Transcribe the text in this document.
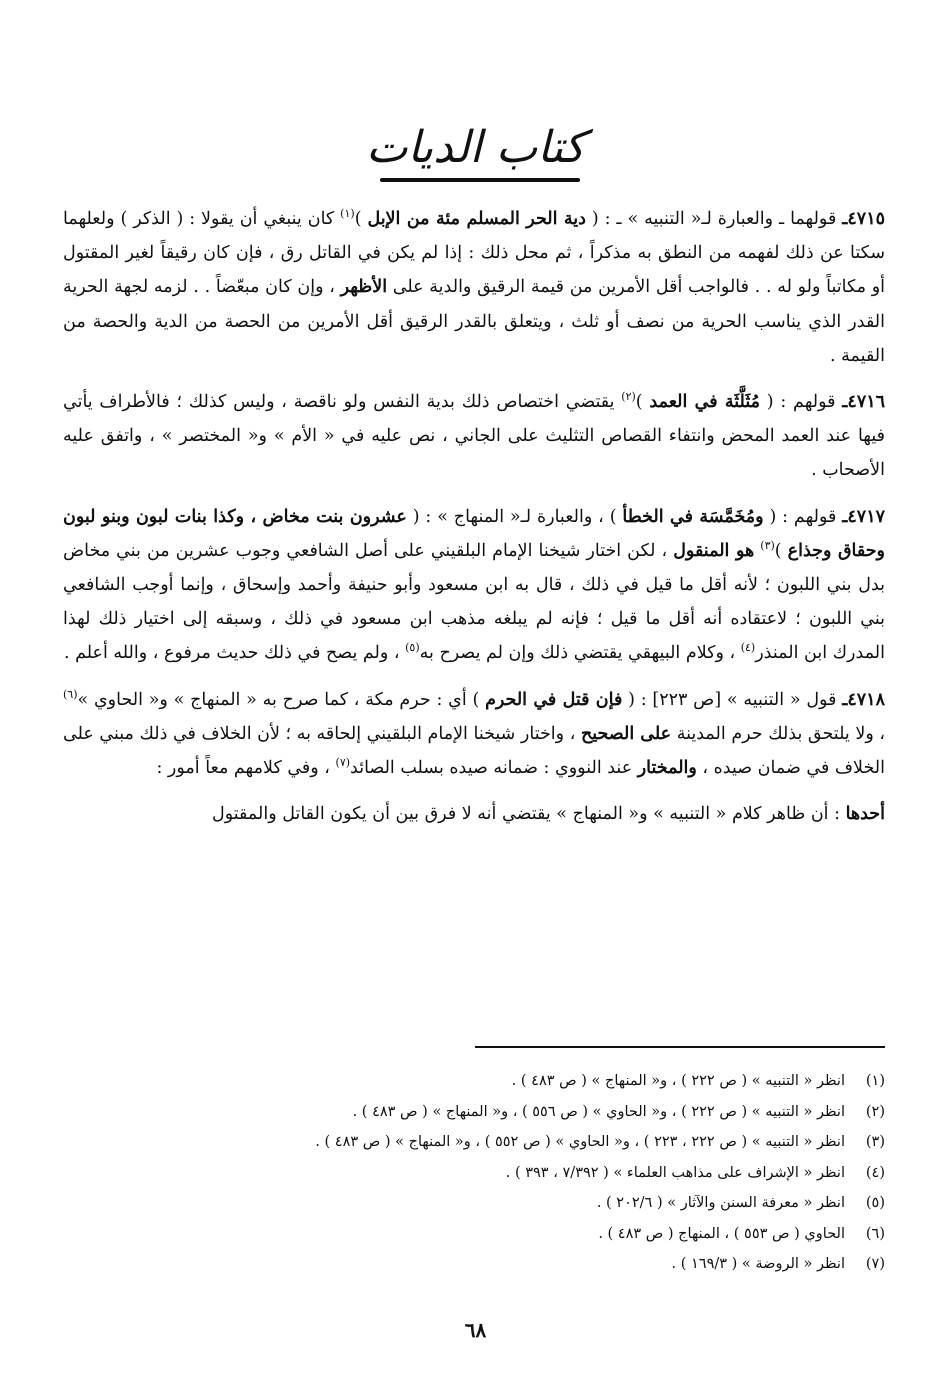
كتاب الديات

٤٧١٥ـ قولهما ـ والعبارة لـ« التنبيه » ـ : ( دية الحر المسلم مئة من الإبل )$^{(١)}$ كان ينبغي أن يقولا : ( الذكر ) ولعلهما سكتا عن ذلك لفهمه من النطق به مذكراً ، ثم محل ذلك : إذا لم يكن في القاتل رق ، فإن كان رقيقاً لغير المقتول أو مكاتباً ولو له . . فالواجب أقل الأمرين من قيمة الرقيق والدية على الأظهر ، وإن كان مبعّضاً . . لزمه لجهة الحرية القدر الذي يناسب الحرية من نصف أو ثلث ، ويتعلق بالقدر الرقيق أقل الأمرين من الحصة من الدية والحصة من القيمة .

٤٧١٦ـ قولهم : ( مُثَلَّثَة في العمد )$^{(٢)}$ يقتضي اختصاص ذلك بدية النفس ولو ناقصة ، وليس كذلك ؛ فالأطراف يأتي فيها عند العمد المحض وانتفاء القصاص التثليث على الجاني ، نص عليه في « الأم » و« المختصر » ، واتفق عليه الأصحاب .

٤٧١٧ـ قولهم : ( ومُخَمَّسَة في الخطأ ) ، والعبارة لـ« المنهاج » : ( عشرون بنت مخاض ، وكذا بنات لبون وبنو لبون وحقاق وجذاع )$^{(٣)}$ هو المنقول ، لكن اختار شيخنا الإمام البلقيني على أصل الشافعي وجوب عشرين من بني مخاض بدل بني اللبون ؛ لأنه أقل ما قيل في ذلك ، قال به ابن مسعود وأبو حنيفة وأحمد وإسحاق ، وإنما أوجب الشافعي بني اللبون ؛ لاعتقاده أنه أقل ما قيل ؛ فإنه لم يبلغه مذهب ابن مسعود في ذلك ، وسبقه إلى اختيار ذلك لهذا المدرك ابن المنذر$^{(٤)}$ ، وكلام البيهقي يقتضي ذلك وإن لم يصرح به$^{(٥)}$ ، ولم يصح في ذلك حديث مرفوع ، والله أعلم .

٤٧١٨ـ قول « التنبيه » [ص ٢٢٣] : ( فإن قتل في الحرم ) أي : حرم مكة ، كما صرح به « المنهاج » و« الحاوي »$^{(٦)}$ ، ولا يلتحق بذلك حرم المدينة على الصحيح ، واختار شيخنا الإمام البلقيني إلحاقه به ؛ لأن الخلاف في ذلك مبني على الخلاف في ضمان صيده ، والمختار عند النووي : ضمانه صيده بسلب الصائد$^{(٧)}$ ، وفي كلامهم معاً أمور :

أحدها : أن ظاهر كلام « التنبيه » و« المنهاج » يقتضي أنه لا فرق بين أن يكون القاتل والمقتول

(١)انظر « التنبيه » ( ص ٢٢٢ ) ، و« المنهاج » ( ص ٤٨٣ ) .
(٢)انظر « التنبيه » ( ص ٢٢٢ ) ، و« الحاوي » ( ص ٥٥٦ ) ، و« المنهاج » ( ص ٤٨٣ ) .
(٣)انظر « التنبيه » ( ص ٢٢٢ ، ٢٢٣ ) ، و« الحاوي » ( ص ٥٥٢ ) ، و« المنهاج » ( ص ٤٨٣ ) .
(٤)انظر « الإشراف على مذاهب العلماء » ( ٧/٣٩٢ ، ٣٩٣ ) .
(٥)انظر « معرفة السنن والآثار » ( ٢٠٢/٦ ) .
(٦)الحاوي ( ص ٥٥٣ ) ، المنهاج ( ص ٤٨٣ ) .
(٧)انظر « الروضة » ( ١٦٩/٣ ) .
٦٨
